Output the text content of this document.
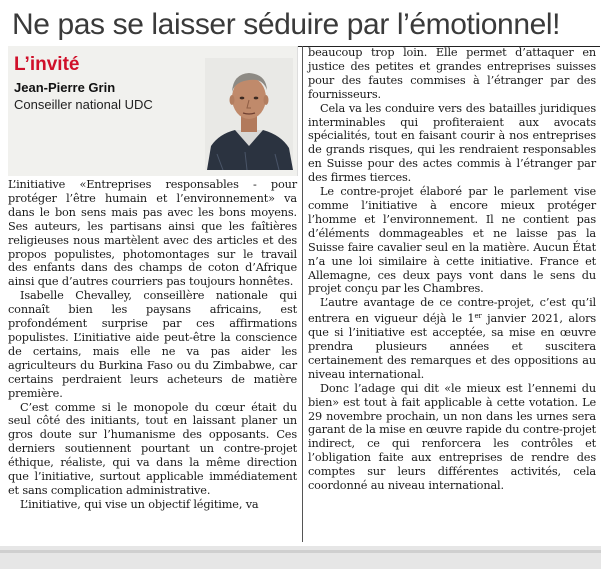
Ne pas se laisser séduire par l’émotionnel!
L’invité
Jean-Pierre Grin
Conseiller national UDC

L’initiative «Entreprises responsables - pour protéger l’être humain et l’environnement» va dans le bon sens mais pas avec les bons moyens. Ses auteurs, les partisans ainsi que les faîtières religieuses nous martèlent avec des articles et des propos populistes, photomontages sur le travail des enfants dans des champs de coton d’Afrique ainsi que d’autres courriers pas toujours honnêtes.

Isabelle Chevalley, conseillère nationale qui connaît bien les paysans africains, est profondément surprise par ces affirmations populistes. L’initiative aide peut-être la conscience de certains, mais elle ne va pas aider les agriculteurs du Burkina Faso ou du Zimbabwe, car certains perdraient leurs acheteurs de matière première.

C’est comme si le monopole du cœur était du seul côté des initiants, tout en laissant planer un gros doute sur l’humanisme des opposants. Ces derniers soutiennent pourtant un contre-projet éthique, réaliste, qui va dans la même direction que l’initiative, surtout applicable immédiatement et sans complication administrative.

L’initiative, qui vise un objectif légitime, va

beaucoup trop loin. Elle permet d’attaquer en justice des petites et grandes entreprises suisses pour des fautes commises à l’étranger par des fournisseurs.

Cela va les conduire vers des batailles juridiques interminables qui profiteraient aux avocats spécialités, tout en faisant courir à nos entreprises de grands risques, qui les rendraient responsables en Suisse pour des actes commis à l’étranger par des firmes tierces.

Le contre-projet élaboré par le parlement vise comme l’initiative à encore mieux protéger l’homme et l’environnement. Il ne contient pas d’éléments dommageables et ne laisse pas la Suisse faire cavalier seul en la matière. Aucun État n’a une loi similaire à cette initiative. France et Allemagne, ces deux pays vont dans le sens du projet conçu par les Chambres.

L’autre avantage de ce contre-projet, c’est qu’il entrera en vigueur déjà le 1er janvier 2021, alors que si l’initiative est acceptée, sa mise en œuvre prendra plusieurs années et suscitera certainement des remarques et des oppositions au niveau international.

Donc l’adage qui dit «le mieux est l’ennemi du bien» est tout à fait applicable à cette votation. Le 29 novembre prochain, un non dans les urnes sera garant de la mise en œuvre rapide du contre-projet indirect, ce qui renforcera les contrôles et l’obligation faite aux entreprises de rendre des comptes sur leurs différentes activités, cela coordonné au niveau international.
